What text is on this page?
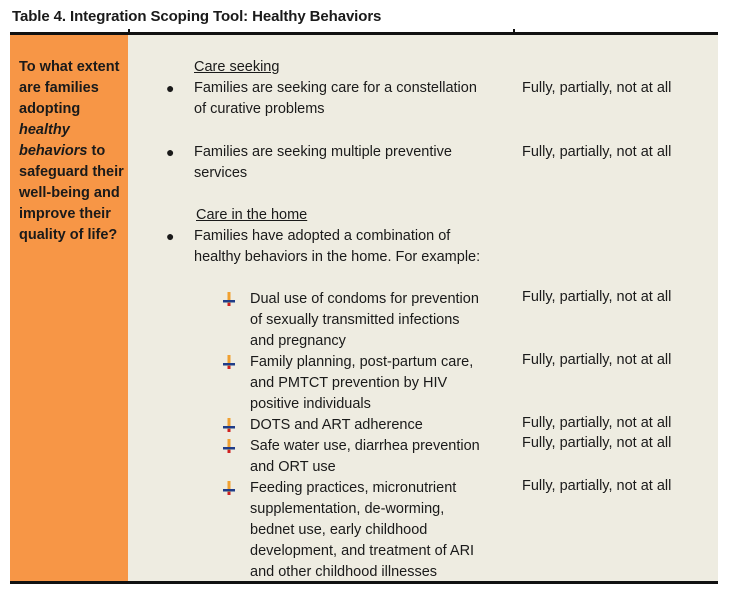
Table 4. Integration Scoping Tool: Healthy Behaviors
To what extent are families adopting healthy behaviors to safeguard their well-being and improve their quality of life?
Care seeking
● Families are seeking care for a constellation
of curative problems
Fully, partially, not at all
● Families are seeking multiple preventive
services
Fully, partially, not at all
Care in the home
● Families have adopted a combination of
healthy behaviors in the home. For example:
Dual use of condoms for prevention
of sexually transmitted infections
and pregnancy
Fully, partially, not at all
Family planning, post-partum care,
and PMTCT prevention by HIV
positive individuals
Fully, partially, not at all
DOTS and ART adherence	Fully, partially, not at all
Safe water use, diarrhea prevention
and ORT use
Fully, partially, not at all
Feeding practices, micronutrient
supplementation, de-worming,
bednet use, early childhood
development, and treatment of ARI
and other childhood illnesses
Fully, partially, not at all
